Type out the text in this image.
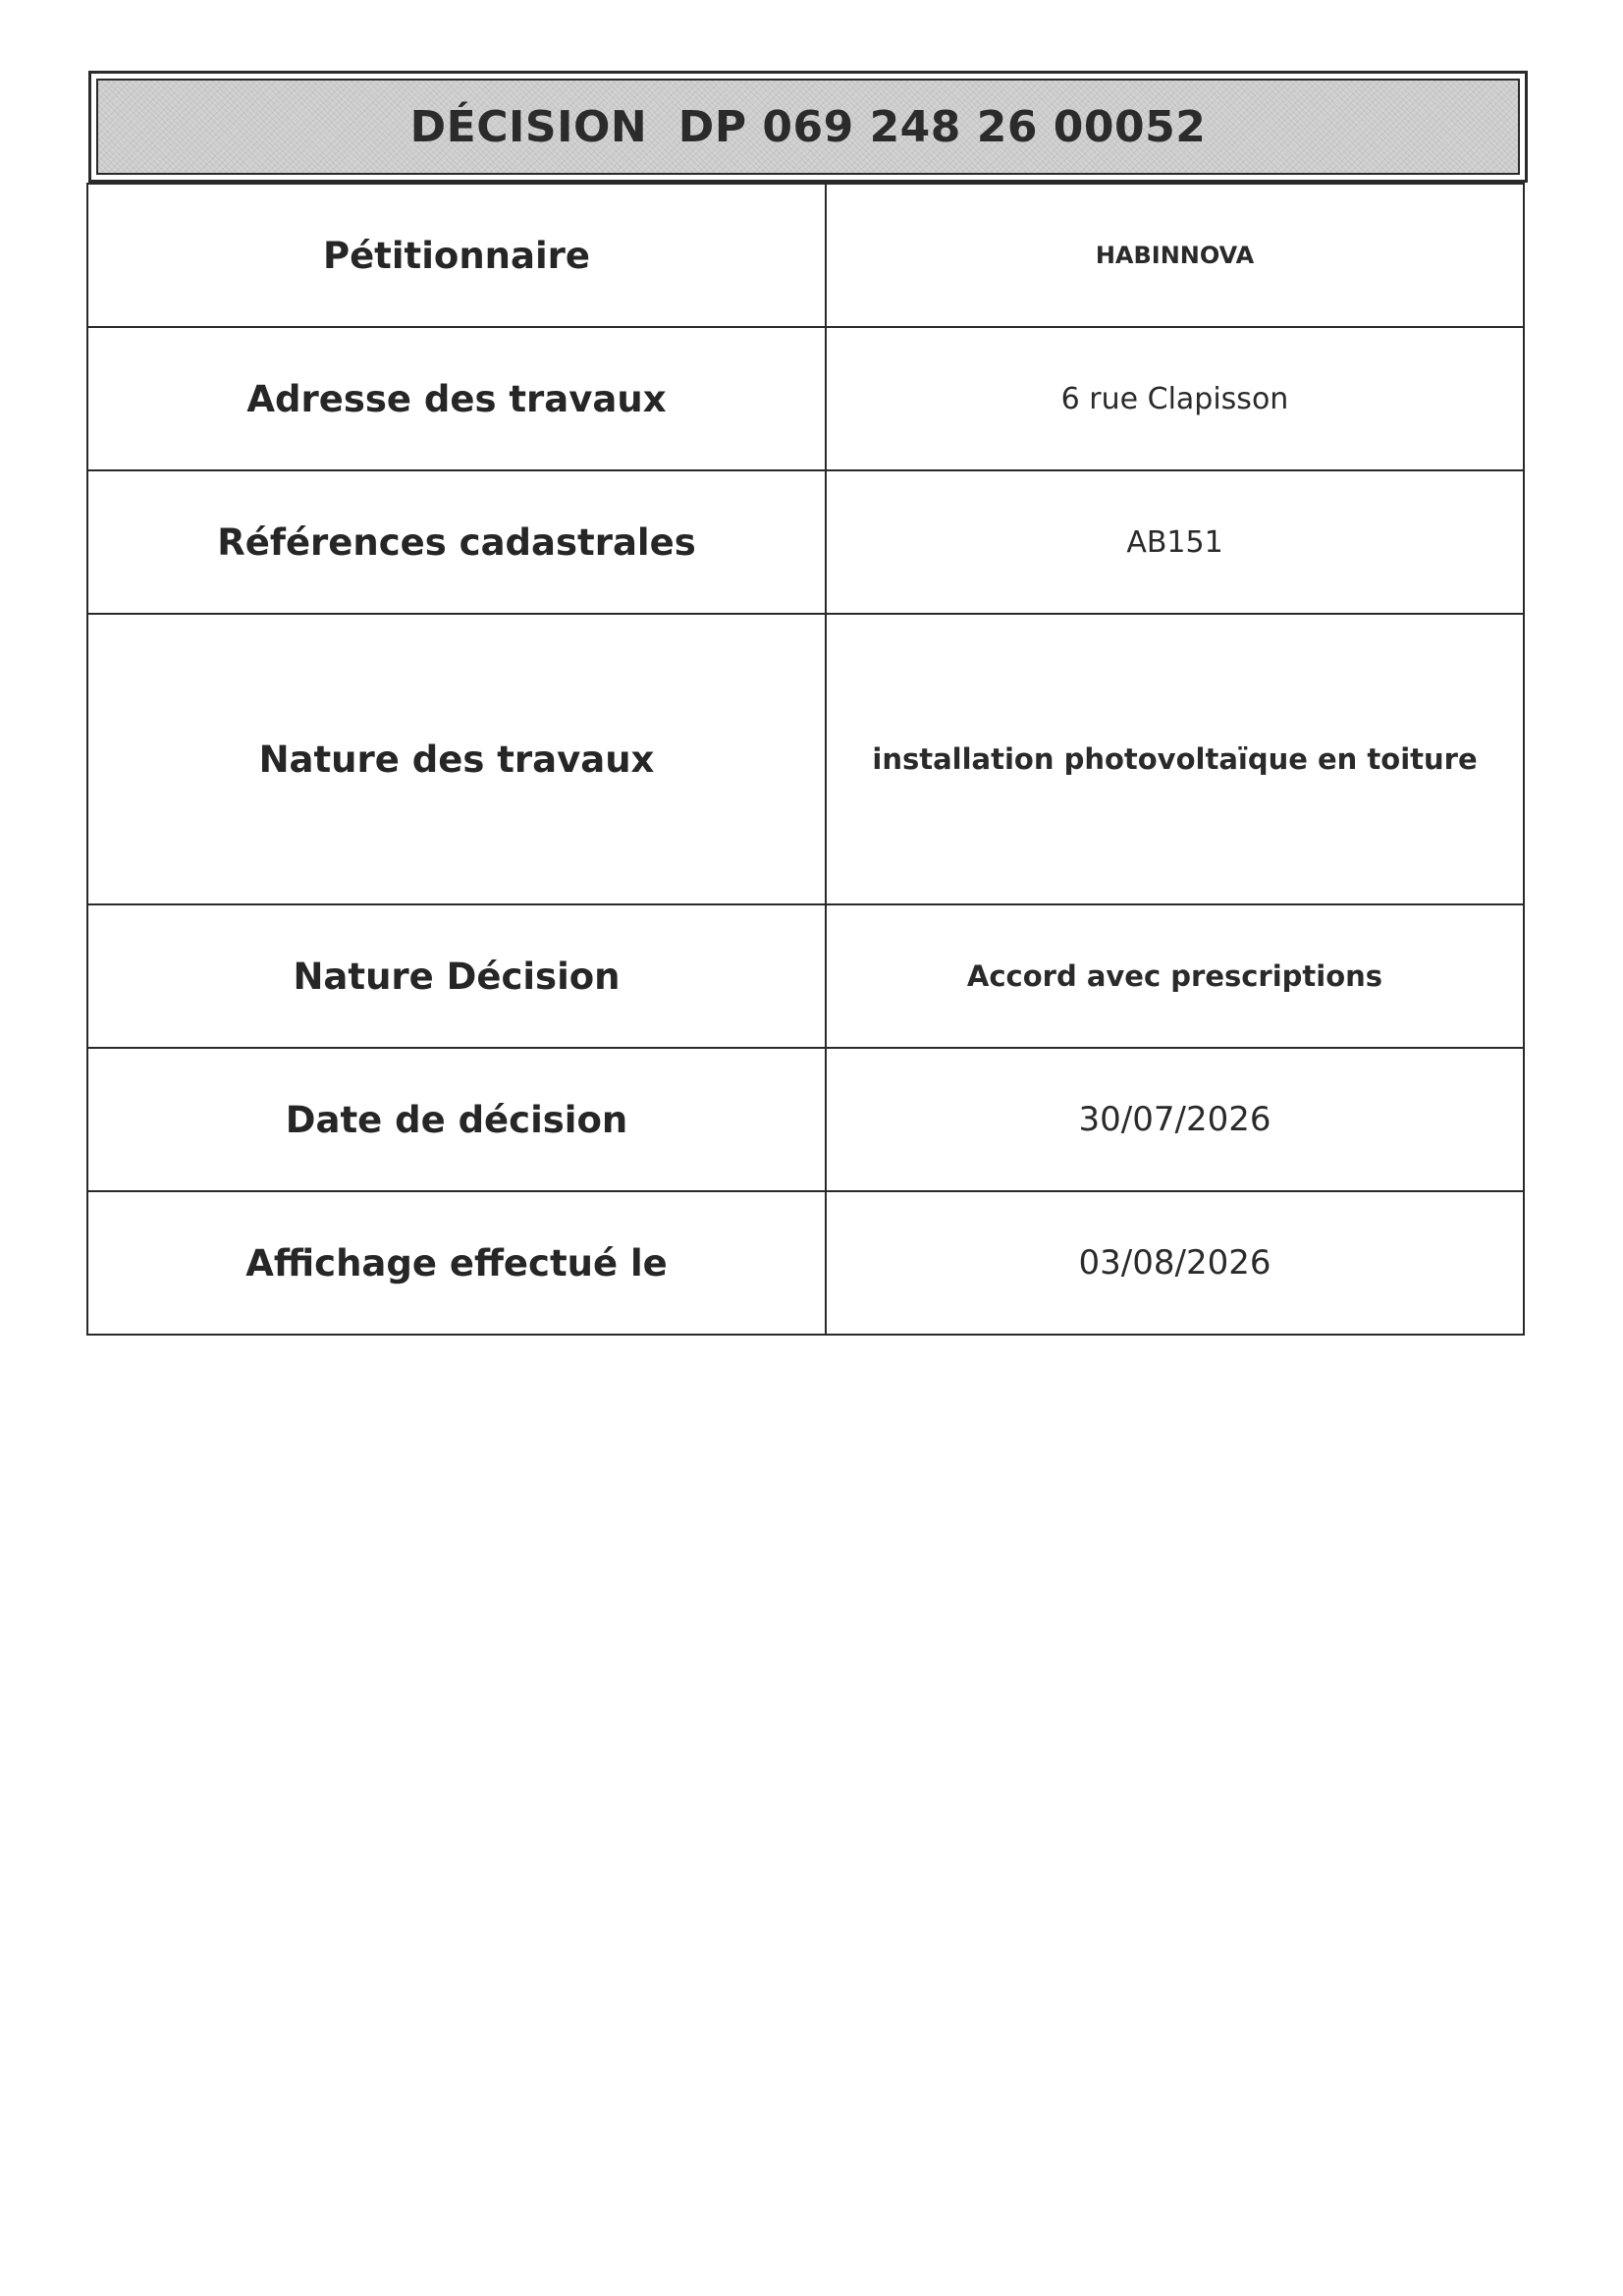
DÉCISION  DP 069 248 26 00052
Pétitionnaire	HABINNOVA
Adresse des travaux	6 rue Clapisson
Références cadastrales	AB151
Nature des travaux	installation photovoltaïque en toiture
Nature Décision	Accord avec prescriptions
Date de décision	30/07/2026
Affichage effectué le	03/08/2026
